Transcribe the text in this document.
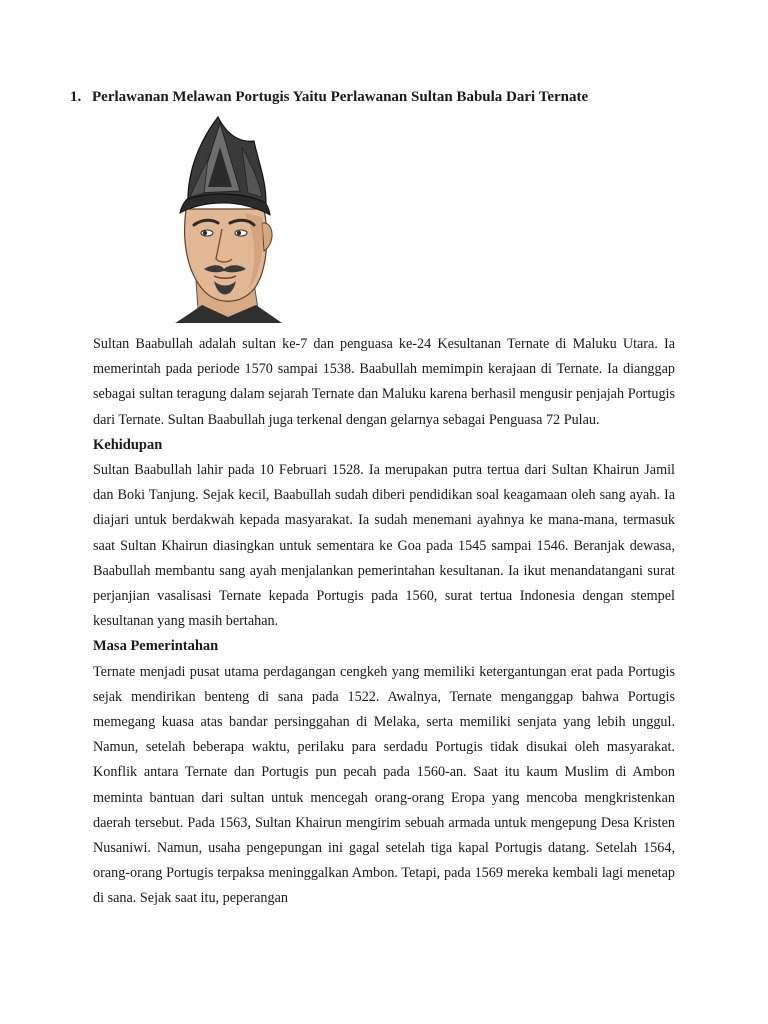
1. Perlawanan Melawan Portugis Yaitu Perlawanan Sultan Babula Dari Ternate

Sultan Baabullah adalah sultan ke-7 dan penguasa ke-24 Kesultanan Ternate di Maluku Utara. Ia memerintah pada periode 1570 sampai 1538. Baabullah memimpin kerajaan di Ternate. Ia dianggap sebagai sultan teragung dalam sejarah Ternate dan Maluku karena berhasil mengusir penjajah Portugis dari Ternate. Sultan Baabullah juga terkenal dengan gelarnya sebagai Penguasa 72 Pulau.

Kehidupan

Sultan Baabullah lahir pada 10 Februari 1528. Ia merupakan putra tertua dari Sultan Khairun Jamil dan Boki Tanjung. Sejak kecil, Baabullah sudah diberi pendidikan soal keagamaan oleh sang ayah. Ia diajari untuk berdakwah kepada masyarakat. Ia sudah menemani ayahnya ke mana-mana, termasuk saat Sultan Khairun diasingkan untuk sementara ke Goa pada 1545 sampai 1546. Beranjak dewasa, Baabullah membantu sang ayah menjalankan pemerintahan kesultanan. Ia ikut menandatangani surat perjanjian vasalisasi Ternate kepada Portugis pada 1560, surat tertua Indonesia dengan stempel kesultanan yang masih bertahan.

Masa Pemerintahan

Ternate menjadi pusat utama perdagangan cengkeh yang memiliki ketergantungan erat pada Portugis sejak mendirikan benteng di sana pada 1522. Awalnya, Ternate menganggap bahwa Portugis memegang kuasa atas bandar persinggahan di Melaka, serta memiliki senjata yang lebih unggul. Namun, setelah beberapa waktu, perilaku para serdadu Portugis tidak disukai oleh masyarakat. Konflik antara Ternate dan Portugis pun pecah pada 1560-an. Saat itu kaum Muslim di Ambon meminta bantuan dari sultan untuk mencegah orang-orang Eropa yang mencoba mengkristenkan daerah tersebut. Pada 1563, Sultan Khairun mengirim sebuah armada untuk mengepung Desa Kristen Nusaniwi. Namun, usaha pengepungan ini gagal setelah tiga kapal Portugis datang. Setelah 1564, orang-orang Portugis terpaksa meninggalkan Ambon. Tetapi, pada 1569 mereka kembali lagi menetap di sana. Sejak saat itu, peperangan
